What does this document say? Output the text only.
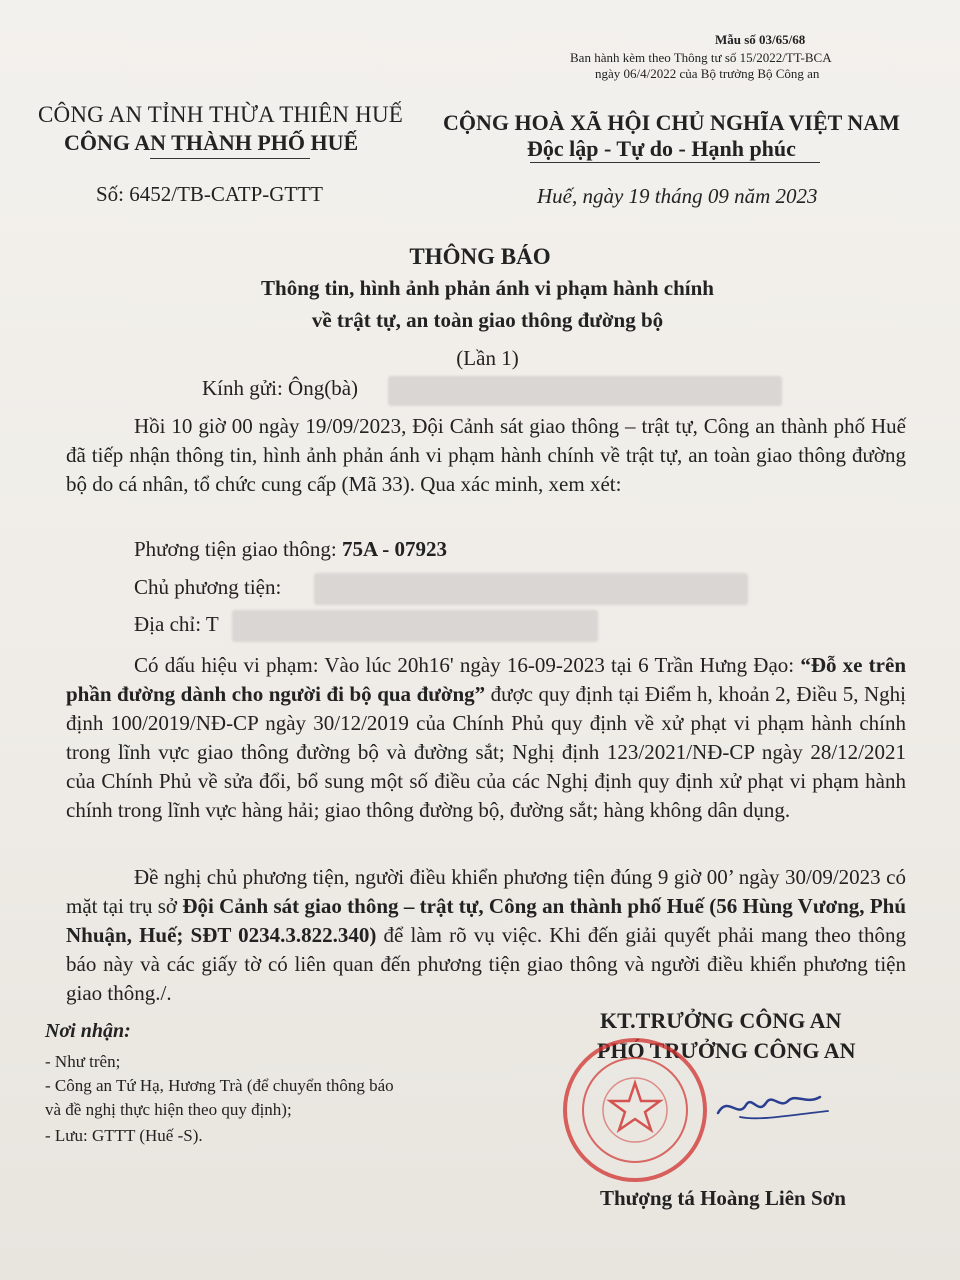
Mẫu số 03/65/68
Ban hành kèm theo Thông tư số 15/2022/TT-BCA
ngày 06/4/2022 của Bộ trưởng Bộ Công an
CÔNG AN TỈNH THỪA THIÊN HUẾ
CÔNG AN THÀNH PHỐ HUẾ
CỘNG HOÀ XÃ HỘI CHỦ NGHĨA VIỆT NAM
Độc lập - Tự do - Hạnh phúc
Số: 6452/TB-CATP-GTTT	Huế, ngày 19 tháng 09 năm 2023
THÔNG BÁO
Thông tin, hình ảnh phản ánh vi phạm hành chính
về trật tự, an toàn giao thông đường bộ
(Lần 1)
Kính gửi: Ông(bà)
Hồi 10 giờ 00 ngày 19/09/2023, Đội Cảnh sát giao thông – trật tự, Công an thành phố Huế đã tiếp nhận thông tin, hình ảnh phản ánh vi phạm hành chính về trật tự, an toàn giao thông đường bộ do cá nhân, tổ chức cung cấp (Mã 33). Qua xác minh, xem xét:
Phương tiện giao thông: 75A - 07923
Chủ phương tiện:
Địa chỉ: T
Có dấu hiệu vi phạm: Vào lúc 20h16' ngày 16-09-2023 tại 6 Trần Hưng Đạo: “Đỗ xe trên phần đường dành cho người đi bộ qua đường” được quy định tại Điểm h, khoản 2, Điều 5, Nghị định 100/2019/NĐ-CP ngày 30/12/2019 của Chính Phủ quy định về xử phạt vi phạm hành chính trong lĩnh vực giao thông đường bộ và đường sắt; Nghị định 123/2021/NĐ-CP ngày 28/12/2021 của Chính Phủ về sửa đổi, bổ sung một số điều của các Nghị định quy định xử phạt vi phạm hành chính trong lĩnh vực hàng hải; giao thông đường bộ, đường sắt; hàng không dân dụng.
Đề nghị chủ phương tiện, người điều khiển phương tiện đúng 9 giờ 00’ ngày 30/09/2023 có mặt tại trụ sở Đội Cảnh sát giao thông – trật tự, Công an thành phố Huế (56 Hùng Vương, Phú Nhuận, Huế; SĐT 0234.3.822.340) để làm rõ vụ việc. Khi đến giải quyết phải mang theo thông báo này và các giấy tờ có liên quan đến phương tiện giao thông và người điều khiển phương tiện giao thông./.
Nơi nhận:
- Như trên;
- Công an Tứ Hạ, Hương Trà (để chuyển thông báo
và đề nghị thực hiện theo quy định);
- Lưu: GTTT (Huế -S).
KT.TRƯỞNG CÔNG AN
PHÓ TRƯỞNG CÔNG AN
Thượng tá Hoàng Liên Sơn
